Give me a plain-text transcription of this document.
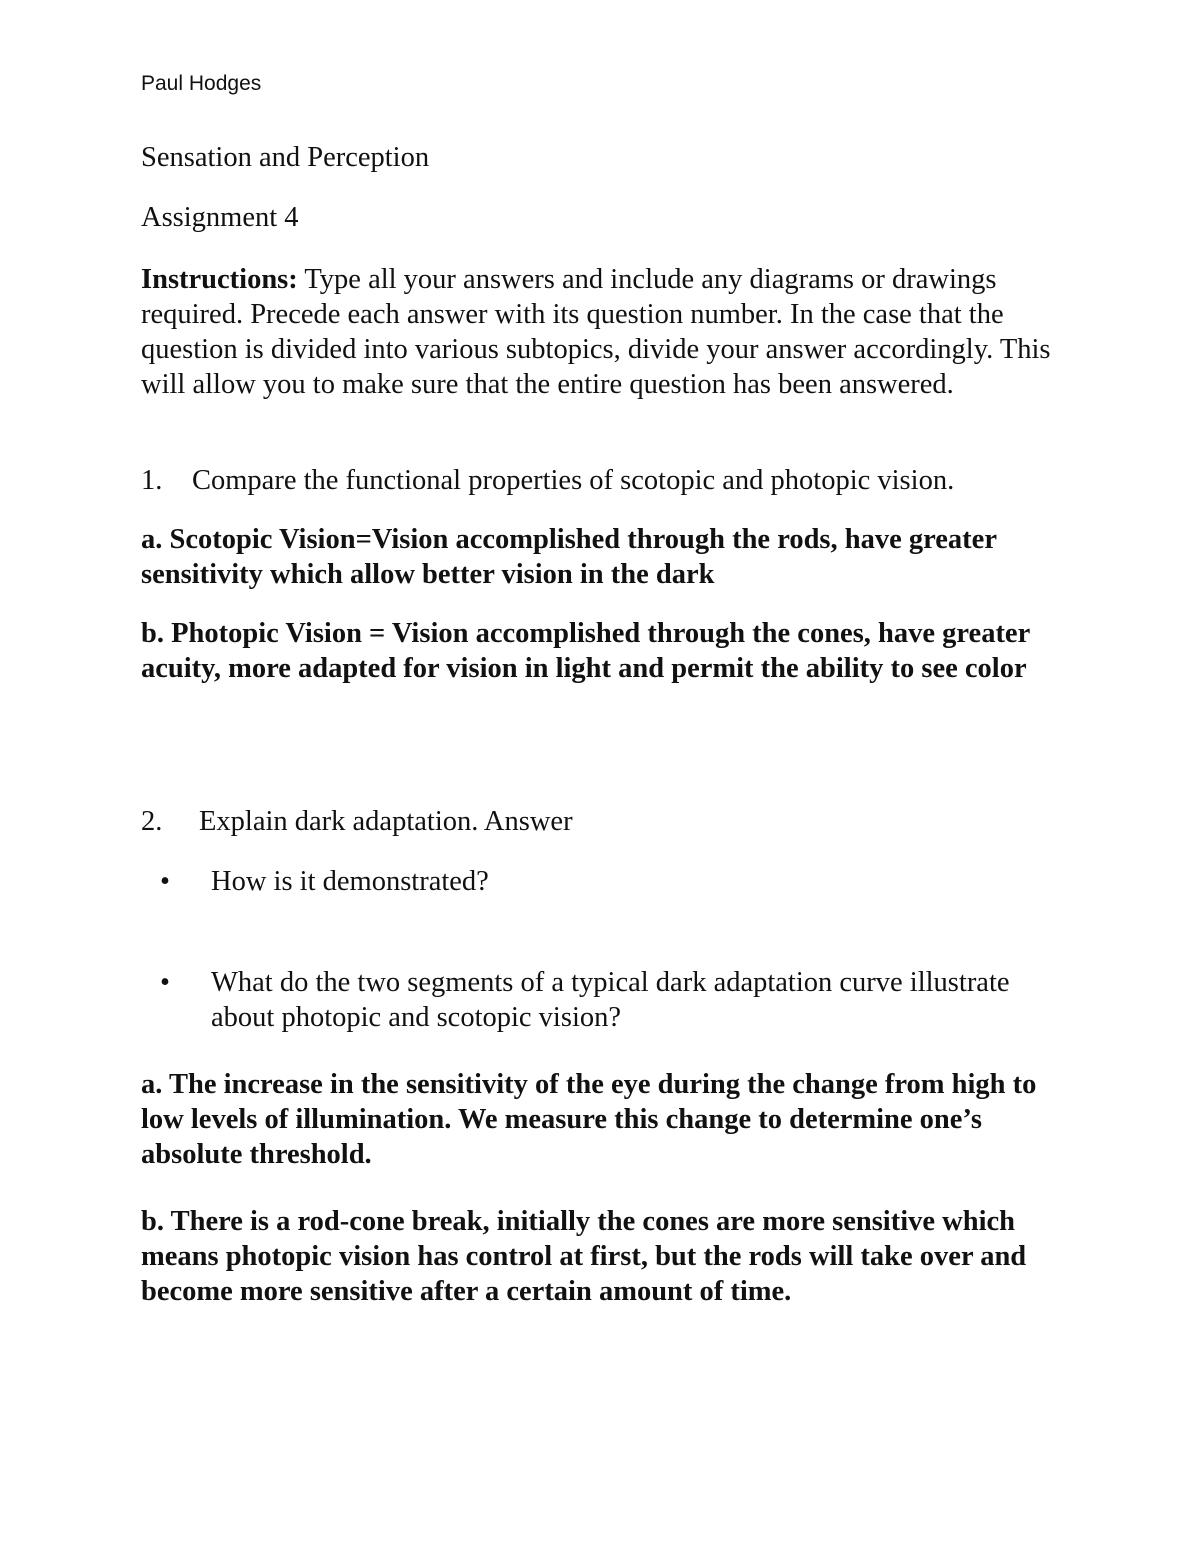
Paul Hodges
Sensation and Perception
Assignment 4
Instructions: Type all your answers and include any diagrams or drawings required. Precede each answer with its question number. In the case that the question is divided into various subtopics, divide your answer accordingly. This will allow you to make sure that the entire question has been answered.
1. Compare the functional properties of scotopic and photopic vision.
a. Scotopic Vision=Vision accomplished through the rods, have greater sensitivity which allow better vision in the dark
b. Photopic Vision = Vision accomplished through the cones, have greater acuity, more adapted for vision in light and permit the ability to see color
2. Explain dark adaptation. Answer
•	How is it demonstrated?
•	What do the two segments of a typical dark adaptation curve illustrate about photopic and scotopic vision?
a. The increase in the sensitivity of the eye during the change from high to low levels of illumination. We measure this change to determine one’s absolute threshold.
b. There is a rod-cone break, initially the cones are more sensitive which means photopic vision has control at first, but the rods will take over and become more sensitive after a certain amount of time.
